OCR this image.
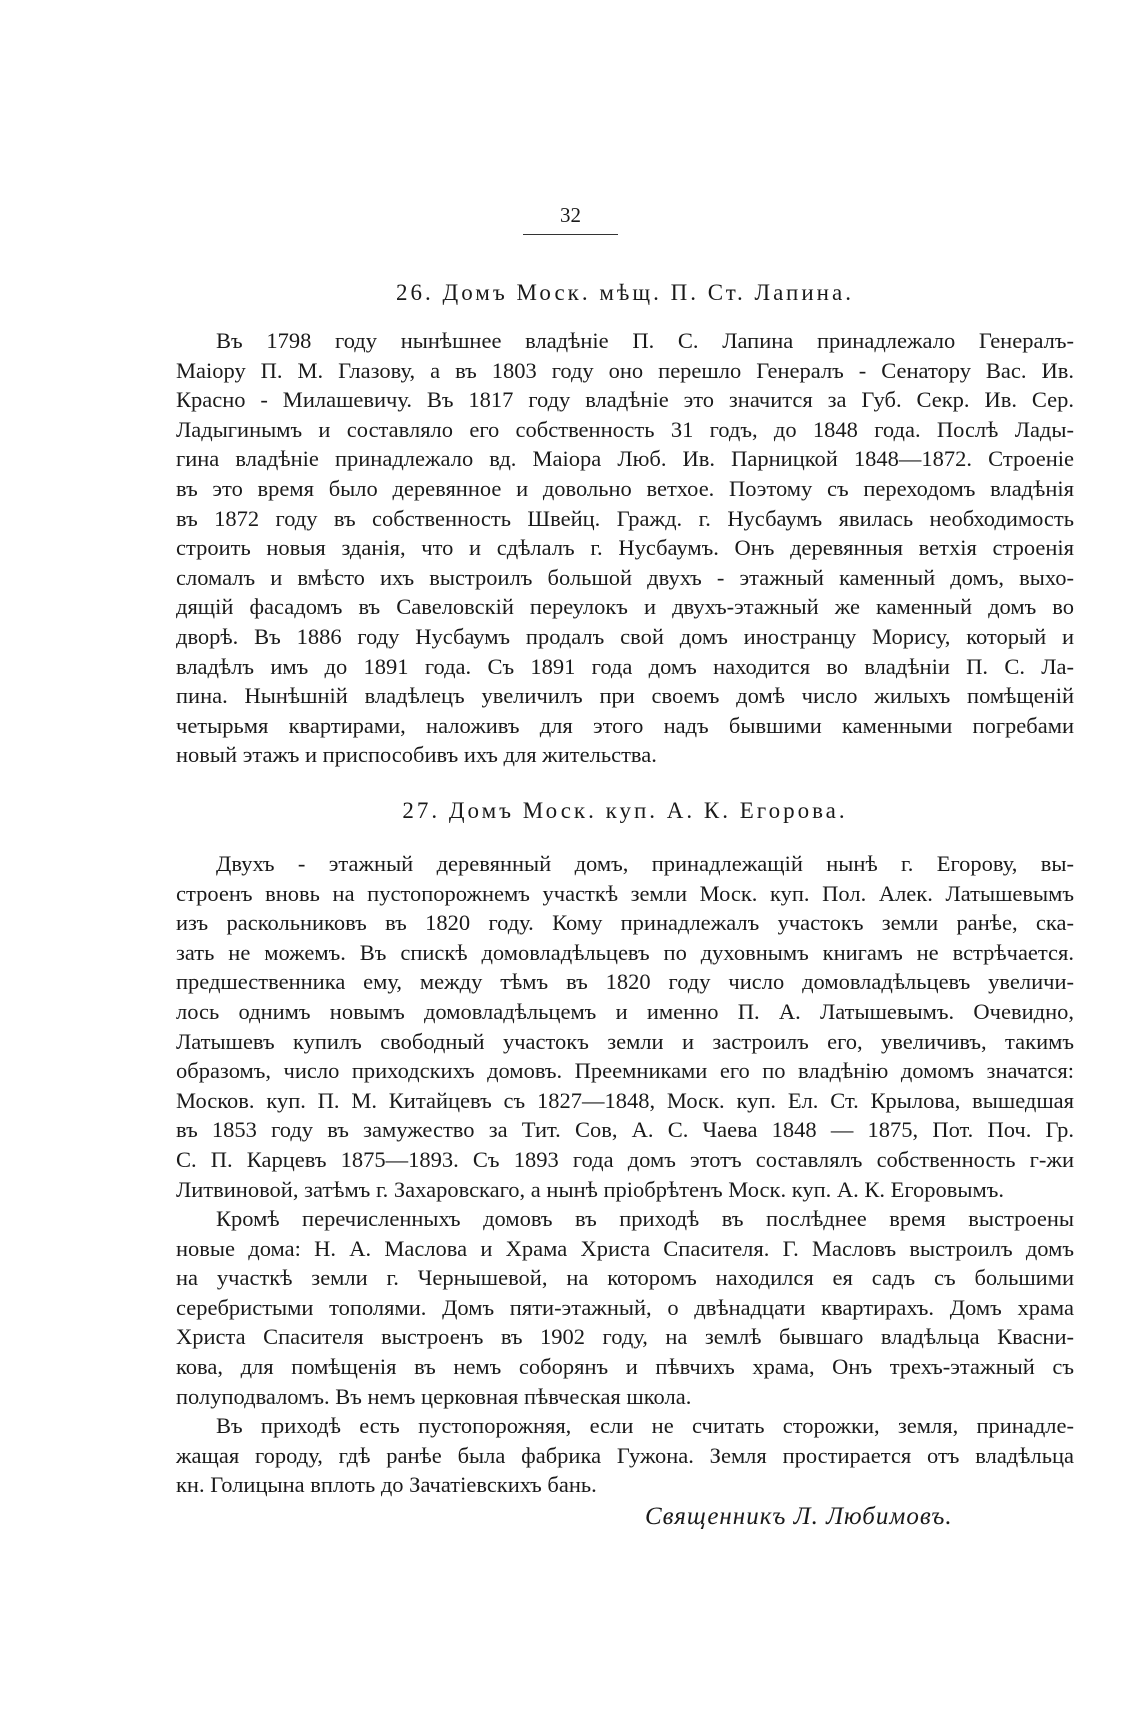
32
26. Домъ Моск. мѣщ. П. Ст. Лапина.
Въ 1798 году нынѣшнее владѣніе П. С. Лапина принадлежало Генералъ-
Маіору П. М. Глазову, а въ 1803 году оно перешло Генералъ - Сенатору Вас. Ив.
Красно - Милашевичу. Въ 1817 году владѣніе это значится за Губ. Секр. Ив. Сер.
Ладыгинымъ и составляло его собственность 31 годъ, до 1848 года. Послѣ Лады-
гина владѣніе принадлежало вд. Маіора Люб. Ив. Парницкой 1848—1872. Строеніе
въ это время было деревянное и довольно ветхое. Поэтому съ переходомъ владѣнія
въ 1872 году въ собственность Швейц. Гражд. г. Нусбаумъ явилась необходимость
строить новыя зданія, что и сдѣлалъ г. Нусбаумъ. Онъ деревянныя ветхія строенія
сломалъ и вмѣсто ихъ выстроилъ большой двухъ - этажный каменный домъ, выхо-
дящій фасадомъ въ Савеловскій переулокъ и двухъ-этажный же каменный домъ во
дворѣ. Въ 1886 году Нусбаумъ продалъ свой домъ иностранцу Морису, который и
владѣлъ имъ до 1891 года. Съ 1891 года домъ находится во владѣніи П. С. Ла-
пина. Нынѣшній владѣлецъ увеличилъ при своемъ домѣ число жилыхъ помѣщеній
четырьмя квартирами, наложивъ для этого надъ бывшими каменными погребами
новый этажъ и приспособивъ ихъ для жительства.
27. Домъ Моск. куп. А. К. Егорова.
Двухъ - этажный деревянный домъ, принадлежащій нынѣ г. Егорову, вы-
строенъ вновь на пустопорожнемъ участкѣ земли Моск. куп. Пол. Алек. Латышевымъ
изъ раскольниковъ въ 1820 году. Кому принадлежалъ участокъ земли ранѣе, ска-
зать не можемъ. Въ спискѣ домовладѣльцевъ по духовнымъ книгамъ не встрѣчается.
предшественника ему, между тѣмъ въ 1820 году число домовладѣльцевъ увеличи-
лось однимъ новымъ домовладѣльцемъ и именно П. А. Латышевымъ. Очевидно,
Латышевъ купилъ свободный участокъ земли и застроилъ его, увеличивъ, такимъ
образомъ, число приходскихъ домовъ. Преемниками его по владѣнію домомъ значатся:
Москов. куп. П. М. Китайцевъ съ 1827—1848, Моск. куп. Ел. Ст. Крылова, вышедшая
въ 1853 году въ замужество за Тит. Сов, А. С. Чаева 1848 — 1875, Пот. Поч. Гр.
С. П. Карцевъ 1875—1893. Съ 1893 года домъ этотъ составлялъ собственность г-жи
Литвиновой, затѣмъ г. Захаровскаго, а нынѣ пріобрѣтенъ Моск. куп. А. К. Егоровымъ.
Кромѣ перечисленныхъ домовъ въ приходѣ въ послѣднее время выстроены
новые дома: Н. А. Маслова и Храма Христа Спасителя. Г. Масловъ выстроилъ домъ
на участкѣ земли г. Чернышевой, на которомъ находился ея садъ съ большими
серебристыми тополями. Домъ пяти-этажный, о двѣнадцати квартирахъ. Домъ храма
Христа Спасителя выстроенъ въ 1902 году, на землѣ бывшаго владѣльца Квасни-
кова, для помѣщенія въ немъ соборянъ и пѣвчихъ храма, Онъ трехъ-этажный съ
полуподваломъ. Въ немъ церковная пѣвческая школа.
Въ приходѣ есть пустопорожняя, если не считать сторожки, земля, принадле-
жащая городу, гдѣ ранѣе была фабрика Гужона. Земля простирается отъ владѣльца
кн. Голицына вплоть до Зачатіевскихъ бань.
Священникъ Л. Любимовъ.
